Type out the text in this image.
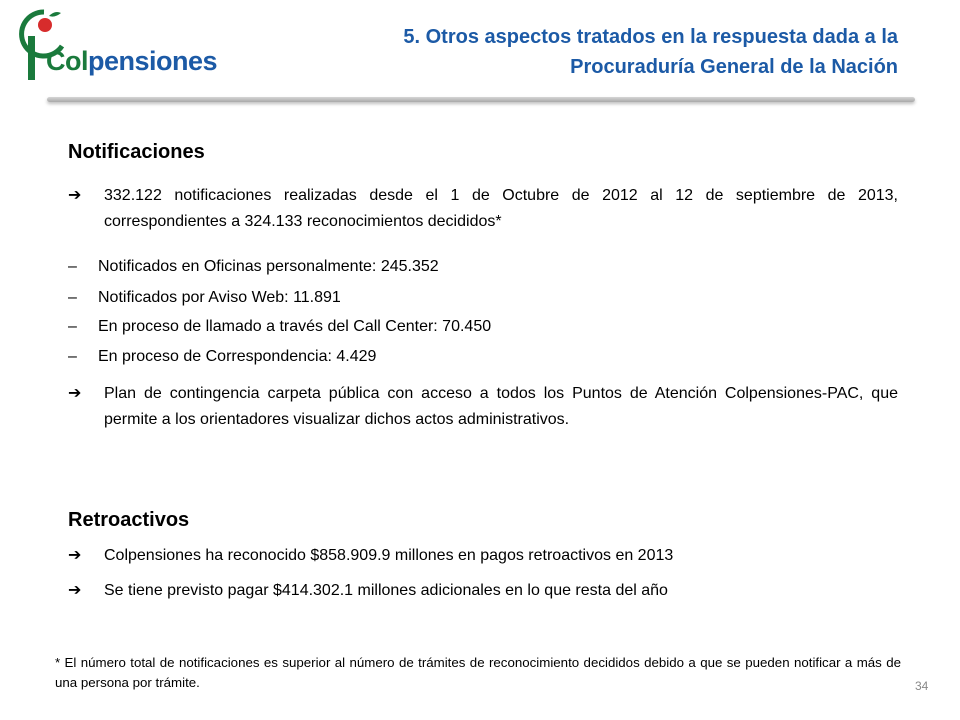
Colpensiones
5. Otros aspectos tratados en la respuesta dada a la
Procuraduría General de la Nación
Notificaciones
➔ 332.122 notificaciones realizadas desde el 1 de Octubre de 2012 al 12 de septiembre de 2013, correspondientes a 324.133 reconocimientos decididos*
– Notificados en Oficinas personalmente: 245.352
– Notificados por Aviso Web: 11.891
– En proceso de llamado a través del Call Center: 70.450
– En proceso de Correspondencia: 4.429
➔ Plan de contingencia carpeta pública con acceso a todos los Puntos de Atención Colpensiones-PAC, que permite a los orientadores visualizar dichos actos administrativos.
Retroactivos
➔ Colpensiones ha reconocido $858.909.9 millones en pagos retroactivos en 2013
➔ Se tiene previsto pagar $414.302.1 millones adicionales en lo que resta del año
* El número total de notificaciones es superior al número de trámites de reconocimiento decididos debido a que se pueden notificar a más de una persona por trámite.	34
